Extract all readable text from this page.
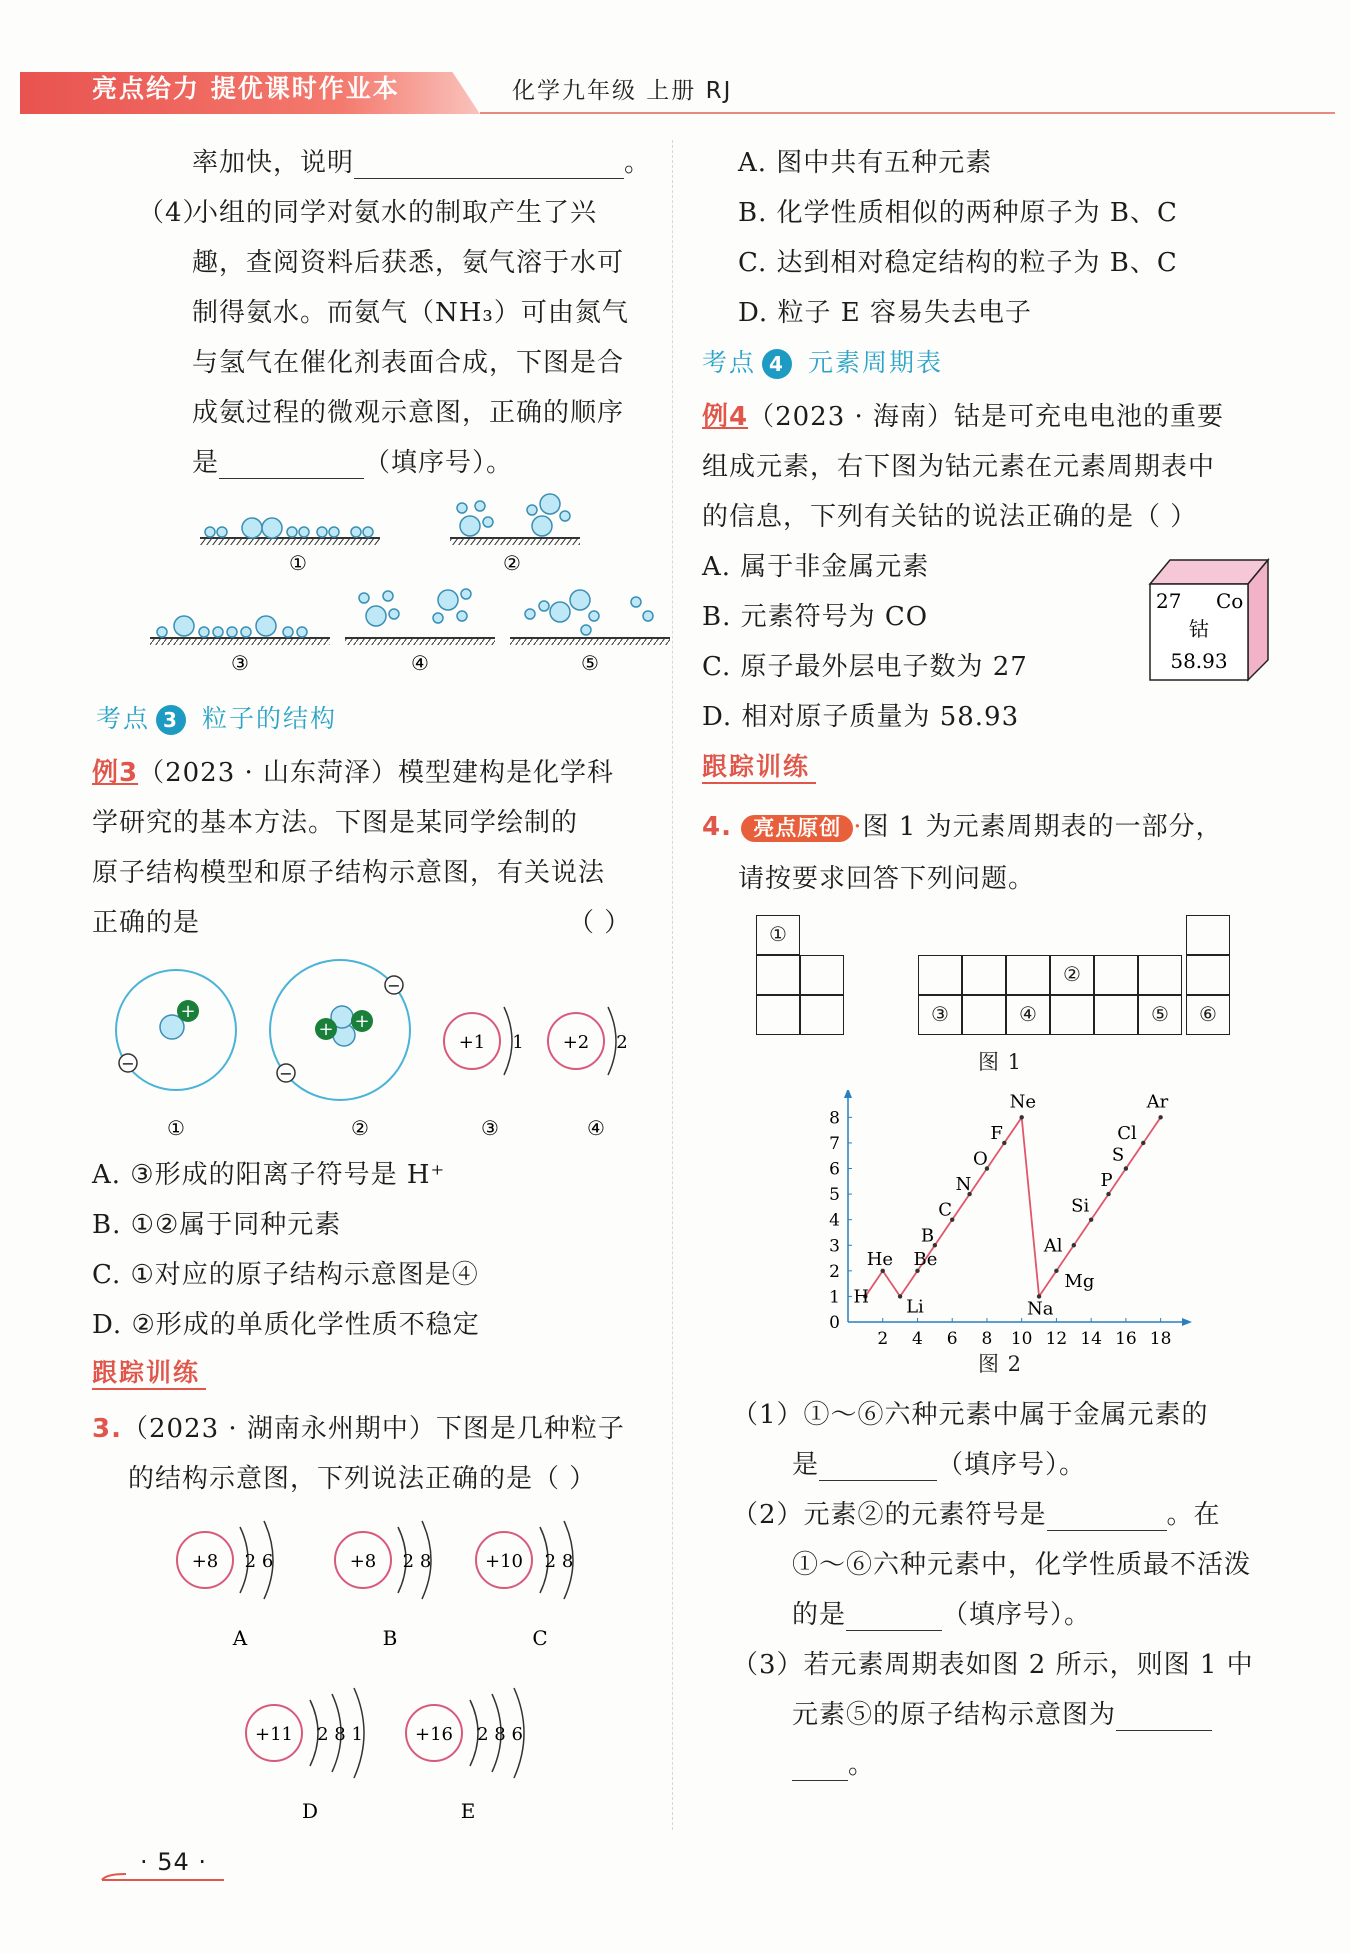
亮点给力 提优课时作业本	化学九年级 上册 RJ
率加快，说明	。
（4）
小组的同学对氨水的制取产生了兴
趣，查阅资料后获悉，氨气溶于水可
制得氨水。而氨气（NH₃）可由氮气
与氢气在催化剂表面合成，下图是合
成氨过程的微观示意图，正确的顺序
是	（填序号）。
①	②
③	④	⑤
考点 3 粒子的结构
例3（2023 · 山东菏泽）模型建构是化学科
学研究的基本方法。下图是某同学绘制的
原子结构模型和原子结构示意图，有关说法
正确的是	（ ）
+
−
+ +
−
−
+1 1 +2 2
①	②	③	④
A. ③形成的阳离子符号是 H⁺
B. ①②属于同种元素
C. ①对应的原子结构示意图是④
D. ②形成的单质化学性质不稳定
跟踪训练
3.（2023 · 湖南永州期中）下图是几种粒子
的结构示意图，下列说法正确的是（ ）
+8 2 6
A
+8 2 8
B
+10 2 8
C
+11 2 8 1
D
+16 2 8 6
E
· 54 ·
A. 图中共有五种元素
B. 化学性质相似的两种原子为 B、C
C. 达到相对稳定结构的粒子为 B、C
D. 粒子 E 容易失去电子
考点 4 元素周期表
例4（2023 · 海南）钴是可充电电池的重要
组成元素，右下图为钴元素在元素周期表中
的信息，下列有关钴的说法正确的是（ ）
A. 属于非金属元素
B. 元素符号为 CO
C. 原子最外层电子数为 27
D. 相对原子质量为 58.93
27 Co
钴
58.93
跟踪训练
4. 亮点原创 ·图 1 为元素周期表的一部分，
请按要求回答下列问题。
①
②
③	④	⑤	⑥
图 1
0
1
2
3
4
5
6
7
8
2 4 6 8 10 12 14 16 18
H
He
Li
Be
B
C
N
O
F
Ne
Na
Mg
Al
Si
P
S
Cl
Ar
图 2
（1）①～⑥六种元素中属于金属元素的
是	（填序号）。
（2）元素②的元素符号是	。在
①～⑥六种元素中，化学性质最不活泼
的是	（填序号）。
（3）若元素周期表如图 2 所示，则图 1 中
元素⑤的原子结构示意图为
。
